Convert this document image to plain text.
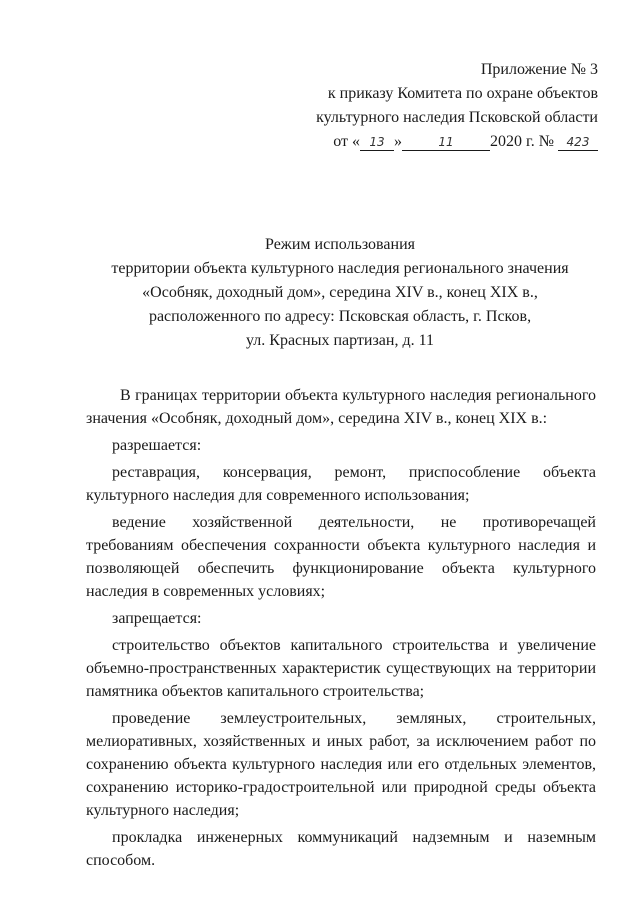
Приложение № 3
к приказу Комитета по охране объектов
культурного наследия Псковской области
от « 13 »	11 2020 г. № 423
Режим использования
территории объекта культурного наследия регионального значения
«Особняк, доходный дом», середина XIV в., конец XIX в.,
расположенного по адресу: Псковская область, г. Псков,
ул. Красных партизан, д. 11

В границах территории объекта культурного наследия регионального значения «Особняк, доходный дом», середина XIV в., конец XIX в.:

разрешается:

реставрация, консервация, ремонт, приспособление объекта культурного наследия для современного использования;

ведение хозяйственной деятельности, не противоречащей требованиям обеспечения сохранности объекта культурного наследия и позволяющей обеспечить функционирование объекта культурного наследия в современных условиях;

запрещается:

строительство объектов капитального строительства и увеличение объемно-пространственных характеристик существующих на территории памятника объектов капитального строительства;

проведение землеустроительных, земляных, строительных, мелиоративных, хозяйственных и иных работ, за исключением работ по сохранению объекта культурного наследия или его отдельных элементов, сохранению историко-градостроительной или природной среды объекта культурного наследия;

прокладка инженерных коммуникаций надземным и наземным способом.
